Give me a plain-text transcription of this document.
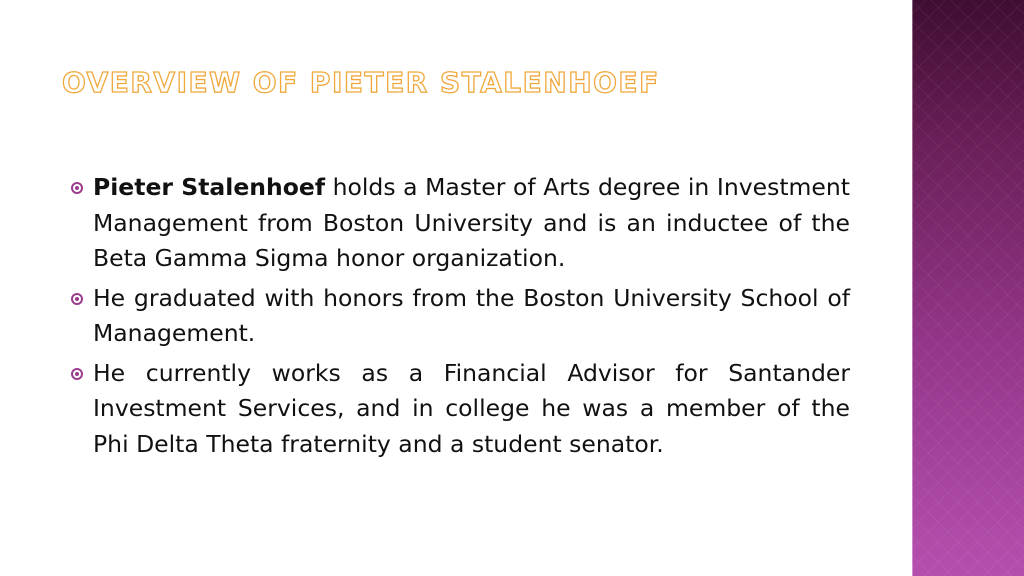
OVERVIEW OF PIETER STALENHOEF
Pieter Stalenhoef holds a Master of Arts degree in Investment Management from Boston University and is an inductee of the Beta Gamma Sigma honor organization.
He graduated with honors from the Boston University School of Management.
He currently works as a Financial Advisor for Santander Investment Services, and in college he was a member of the Phi Delta Theta fraternity and a student senator.
